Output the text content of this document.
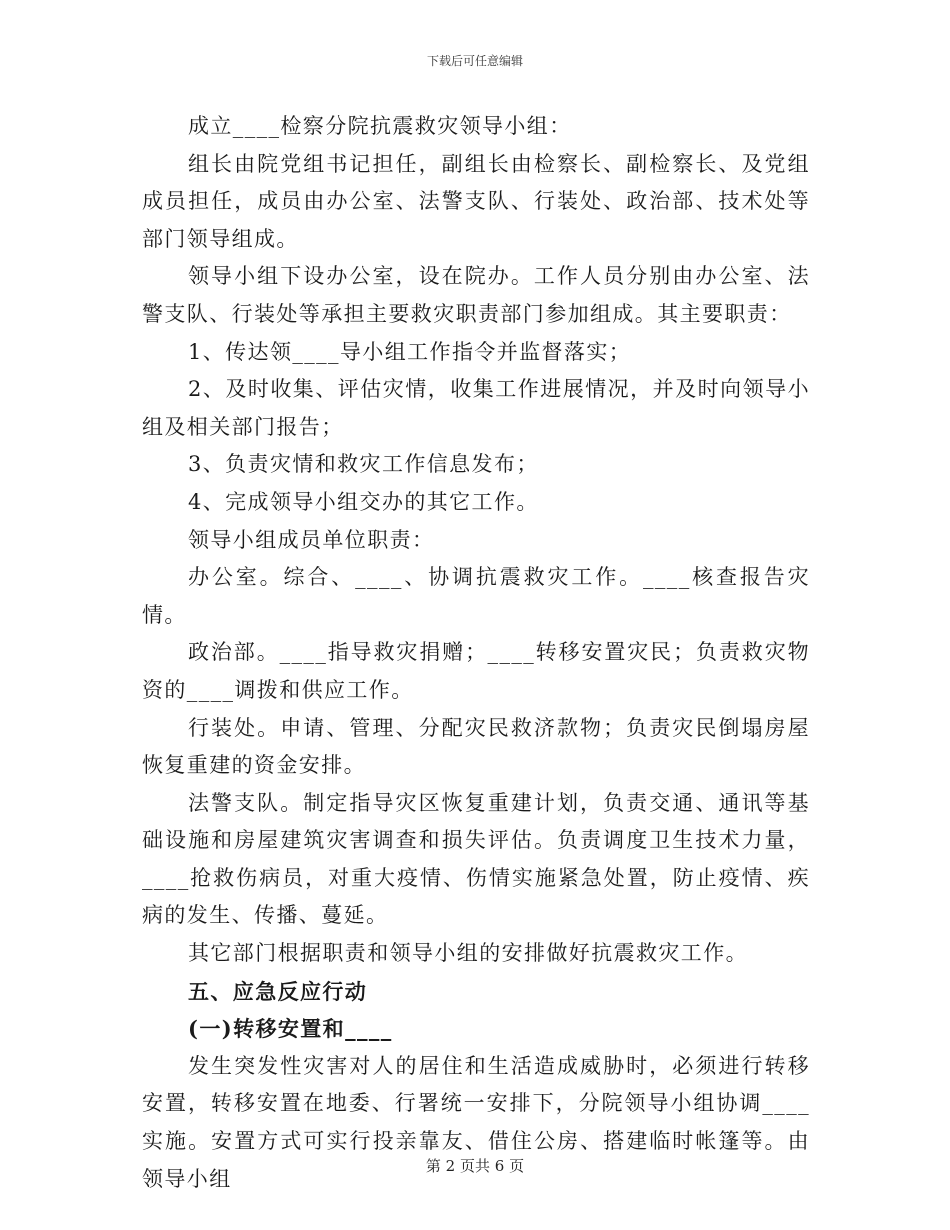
下载后可任意编辑

成立____检察分院抗震救灾领导小组：

组长由院党组书记担任，副组长由检察长、副检察长、及党组成员担任，成员由办公室、法警支队、行装处、政治部、技术处等部门领导组成。

领导小组下设办公室，设在院办。工作人员分别由办公室、法警支队、行装处等承担主要救灾职责部门参加组成。其主要职责：

1、传达领____导小组工作指令并监督落实；

2、及时收集、评估灾情，收集工作进展情况，并及时向领导小组及相关部门报告；

3、负责灾情和救灾工作信息发布；

4、完成领导小组交办的其它工作。

领导小组成员单位职责：

办公室。综合、____、协调抗震救灾工作。____核查报告灾情。

政治部。____指导救灾捐赠；____转移安置灾民；负责救灾物资的____调拨和供应工作。

行装处。申请、管理、分配灾民救济款物；负责灾民倒塌房屋恢复重建的资金安排。

法警支队。制定指导灾区恢复重建计划，负责交通、通讯等基础设施和房屋建筑灾害调查和损失评估。负责调度卫生技术力量，____抢救伤病员，对重大疫情、伤情实施紧急处置，防止疫情、疾病的发生、传播、蔓延。

其它部门根据职责和领导小组的安排做好抗震救灾工作。

五、应急反应行动

(一)转移安置和____

发生突发性灾害对人的居住和生活造成威胁时，必须进行转移安置，转移安置在地委、行署统一安排下，分院领导小组协调____实施。安置方式可实行投亲靠友、借住公房、搭建临时帐篷等。由领导小组

第 2 页共 6 页
